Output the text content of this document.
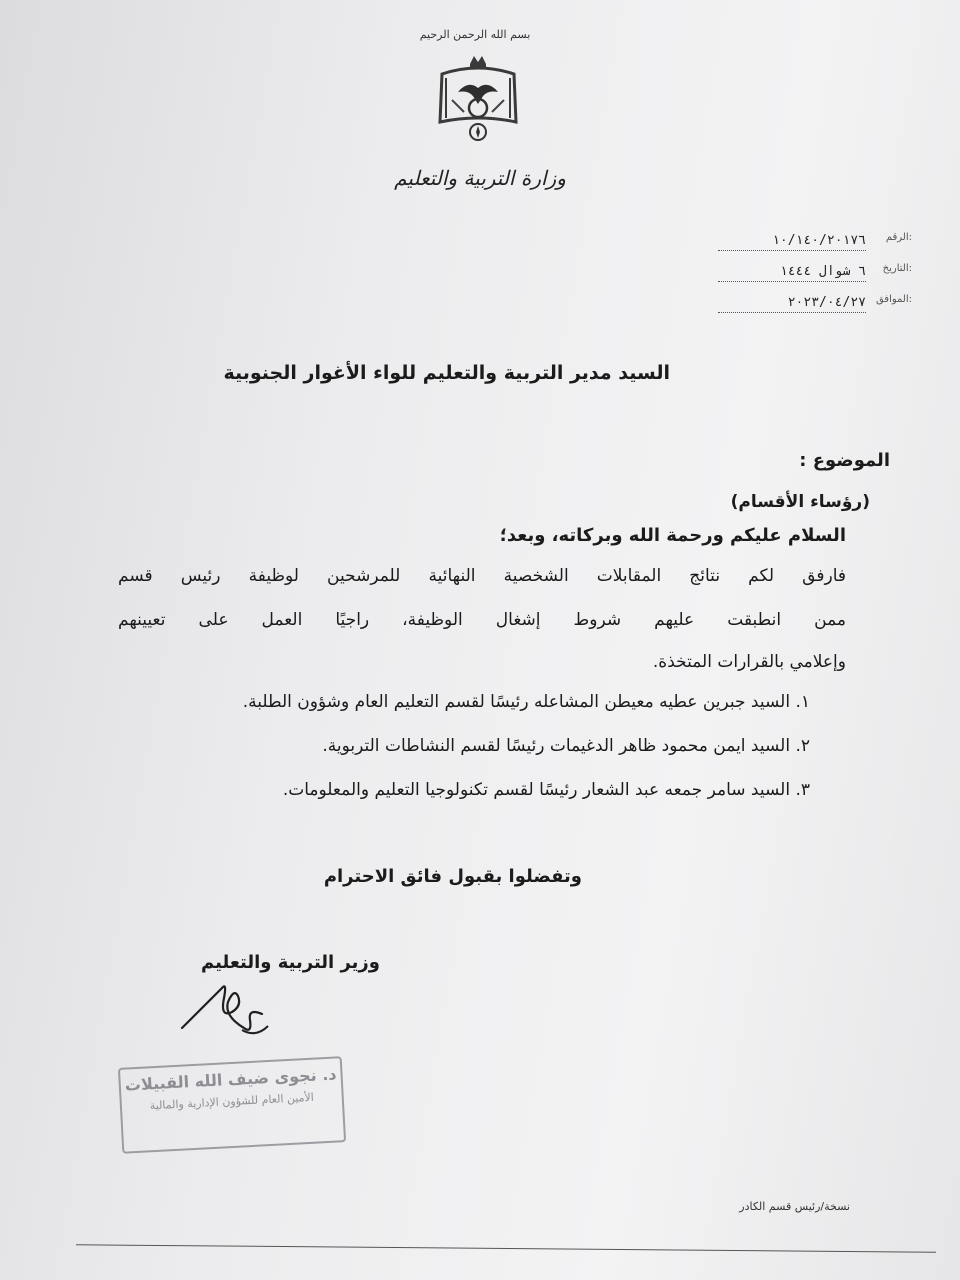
بسم الله الرحمن الرحيم
وزارة التربية والتعليم
الرقم:
١٠/١٤٠/٢٠١٧٦
التاريخ:
٦ شوال ١٤٤٤
الموافق:
٢٠٢٣/٠٤/٢٧
السيد مدير التربية والتعليم للواء الأغوار الجنوبية
الموضوع :
(رؤساء الأقسام)
السلام عليكم ورحمة الله وبركاته، وبعد؛
فارفق لكم نتائج المقابلات الشخصية النهائية للمرشحين لوظيفة رئيس قسم
ممن انطبقت عليهم شروط إشغال الوظيفة، راجيًا العمل على تعيينهم
وإعلامي بالقرارات المتخذة.
١. السيد جبرين عطيه معيطن المشاعله رئيسًا لقسم التعليم العام وشؤون الطلبة.
٢. السيد ايمن محمود ظاهر الدغيمات رئيسًا لقسم النشاطات التربوية.
٣. السيد سامر جمعه عبد الشعار رئيسًا لقسم تكنولوجيا التعليم والمعلومات.
وتفضلوا بقبول فائق الاحترام
وزير التربية والتعليم
د. نجوى ضيف الله القبيلات
الأمين العام للشؤون الإدارية والمالية
نسخة/رئيس قسم الكادر
